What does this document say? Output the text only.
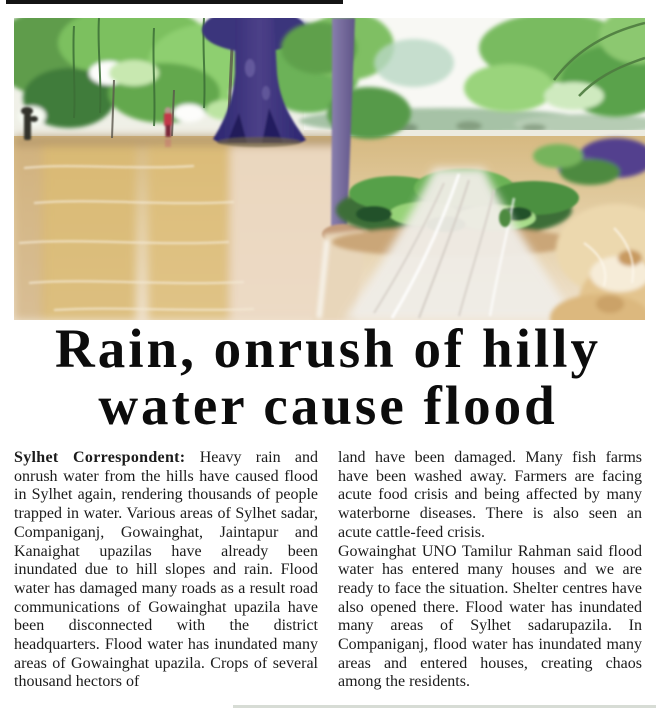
Rain, onrush of hilly
water cause flood

Sylhet Correspondent: Heavy rain and onrush water from the hills have caused flood in Sylhet again, rendering thousands of people trapped in water. Various areas of Sylhet sadar, Companiganj, Gowainghat, Jaintapur and Kanaighat upazilas have already been inundated due to hill slopes and rain. Flood water has damaged many roads as a result road communications of Gowainghat upazila have been disconnected with the district headquarters. Flood water has inundated many areas of Gowainghat upazila. Crops of several thousand hectors of

land have been damaged. Many fish farms have been washed away. Farmers are facing acute food crisis and being affected by many waterborne diseases. There is also seen an acute cattle-feed crisis.

Gowainghat UNO Tamilur Rahman said flood water has entered many houses and we are ready to face the situation. Shelter centres have also opened there. Flood water has inundated many areas of Sylhet sadarupazila. In Companiganj, flood water has inundated many areas and entered houses, creating chaos among the residents.
